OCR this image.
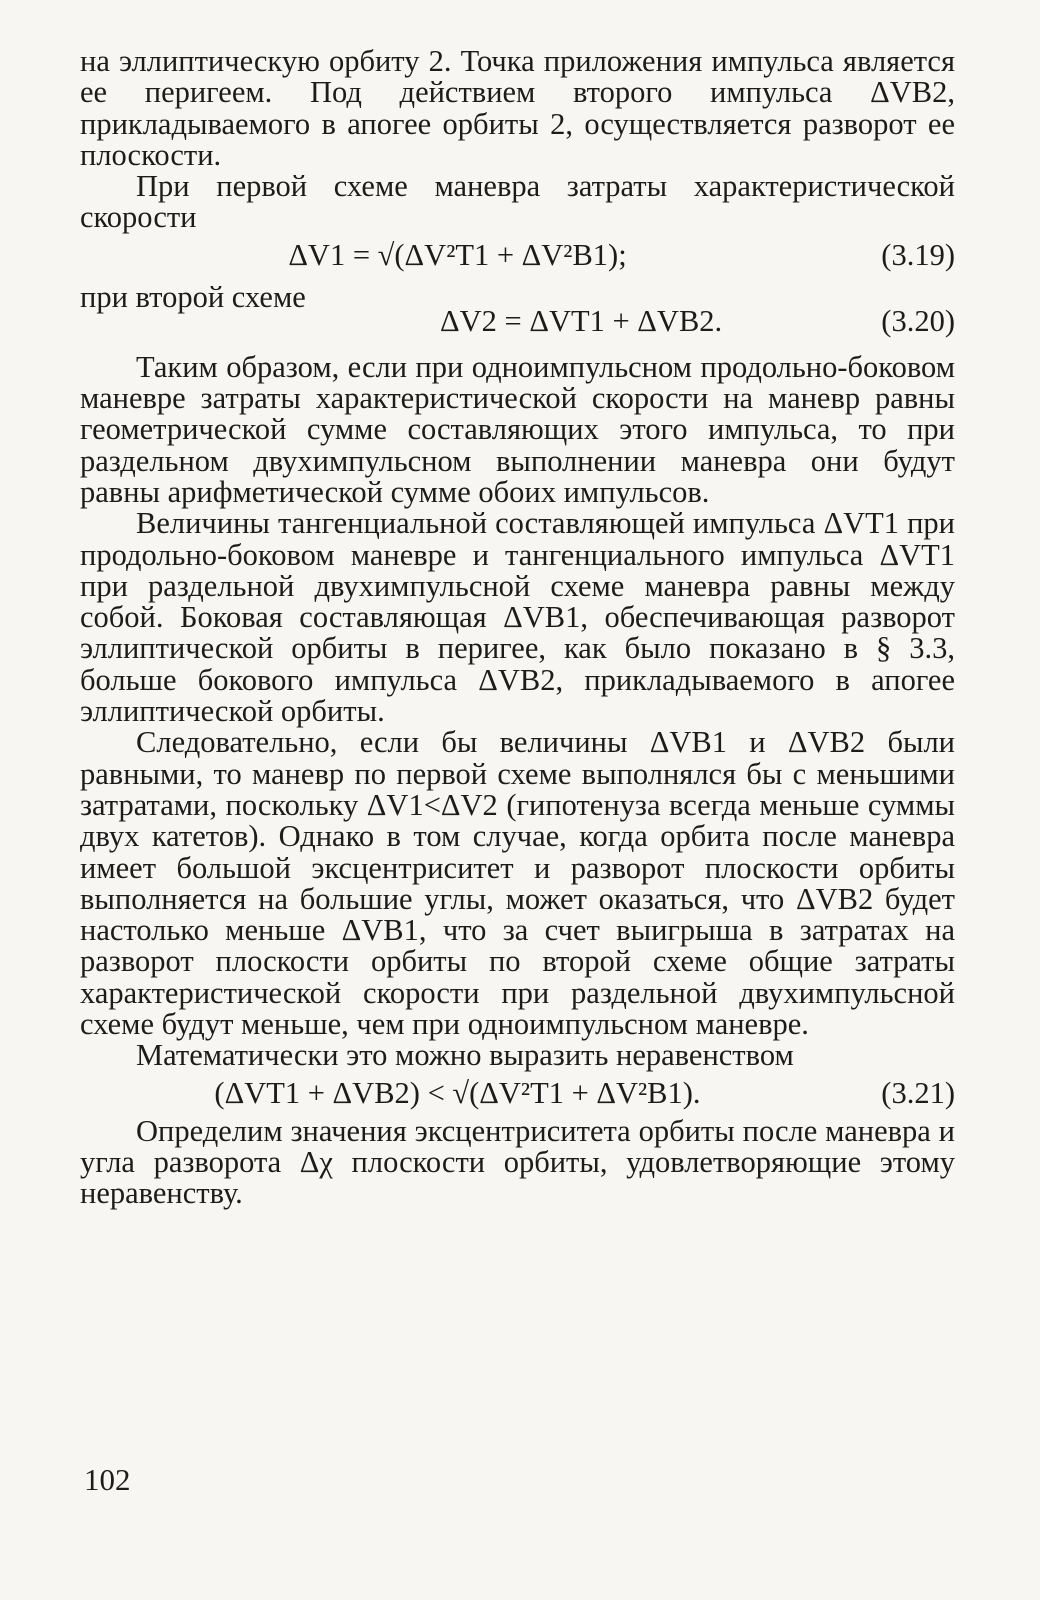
на эллиптическую орбиту 2. Точка приложения импульса является ее перигеем. Под действием второго импульса ΔVB2, прикладываемого в апогее орбиты 2, осуществляется разворот ее плоскости.

При первой схеме маневра затраты характеристической скорости

ΔV1 = √(ΔV²T1 + ΔV²B1);	(3.19)
при второй схеме
ΔV2 = ΔVT1 + ΔVB2.	(3.20)

Таким образом, если при одноимпульсном продольно-боковом маневре затраты характеристической скорости на маневр равны геометрической сумме составляющих этого импульса, то при раздельном двухимпульсном выполнении маневра они будут равны арифметической сумме обоих импульсов.

Величины тангенциальной составляющей импульса ΔVT1 при продольно-боковом маневре и тангенциального импульса ΔVT1 при раздельной двухимпульсной схеме маневра равны между собой. Боковая составляющая ΔVB1, обеспечивающая разворот эллиптической орбиты в перигее, как было показано в § 3.3, больше бокового импульса ΔVB2, прикладываемого в апогее эллиптической орбиты.

Следовательно, если бы величины ΔVB1 и ΔVB2 были равными, то маневр по первой схеме выполнялся бы с меньшими затратами, поскольку ΔV1<ΔV2 (гипотенуза всегда меньше суммы двух катетов). Однако в том случае, когда орбита после маневра имеет большой эксцентриситет и разворот плоскости орбиты выполняется на большие углы, может оказаться, что ΔVB2 будет настолько меньше ΔVB1, что за счет выигрыша в затратах на разворот плоскости орбиты по второй схеме общие затраты характеристической скорости при раздельной двухимпульсной схеме будут меньше, чем при одноимпульсном маневре.

Математически это можно выразить неравенством

(ΔVT1 + ΔVB2) < √(ΔV²T1 + ΔV²B1).	(3.21)

Определим значения эксцентриситета орбиты после маневра и угла разворота Δχ плоскости орбиты, удовлетворяющие этому неравенству.

102
